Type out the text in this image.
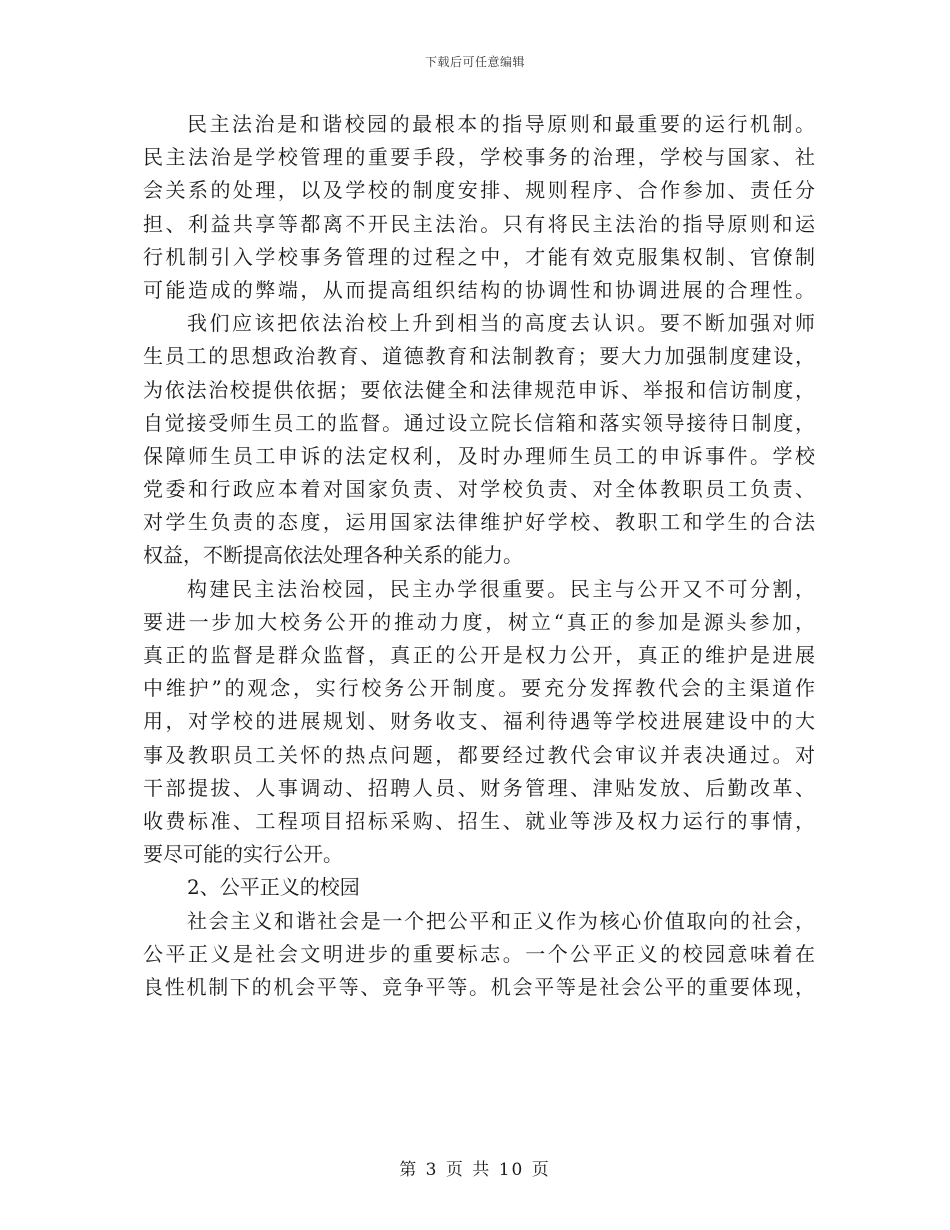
下载后可任意编辑
民主法治是和谐校园的最根本的指导原则和最重要的运行机制。
民主法治是学校管理的重要手段，学校事务的治理，学校与国家、社
会关系的处理，以及学校的制度安排、规则程序、合作参加、责任分
担、利益共享等都离不开民主法治。只有将民主法治的指导原则和运
行机制引入学校事务管理的过程之中，才能有效克服集权制、官僚制
可能造成的弊端，从而提高组织结构的协调性和协调进展的合理性。
我们应该把依法治校上升到相当的高度去认识。要不断加强对师
生员工的思想政治教育、道德教育和法制教育；要大力加强制度建设，
为依法治校提供依据；要依法健全和法律规范申诉、举报和信访制度，
自觉接受师生员工的监督。通过设立院长信箱和落实领导接待日制度，
保障师生员工申诉的法定权利，及时办理师生员工的申诉事件。学校
党委和行政应本着对国家负责、对学校负责、对全体教职员工负责、
对学生负责的态度，运用国家法律维护好学校、教职工和学生的合法
权益，不断提高依法处理各种关系的能力。
构建民主法治校园，民主办学很重要。民主与公开又不可分割，
要进一步加大校务公开的推动力度，树立“真正的参加是源头参加，
真正的监督是群众监督，真正的公开是权力公开，真正的维护是进展
中维护”的观念，实行校务公开制度。要充分发挥教代会的主渠道作
用，对学校的进展规划、财务收支、福利待遇等学校进展建设中的大
事及教职员工关怀的热点问题，都要经过教代会审议并表决通过。对
干部提拔、人事调动、招聘人员、财务管理、津贴发放、后勤改革、
收费标准、工程项目招标采购、招生、就业等涉及权力运行的事情，
要尽可能的实行公开。
2、公平正义的校园
社会主义和谐社会是一个把公平和正义作为核心价值取向的社会，
公平正义是社会文明进步的重要标志。一个公平正义的校园意味着在
良性机制下的机会平等、竞争平等。机会平等是社会公平的重要体现，
第 3 页 共 10 页
